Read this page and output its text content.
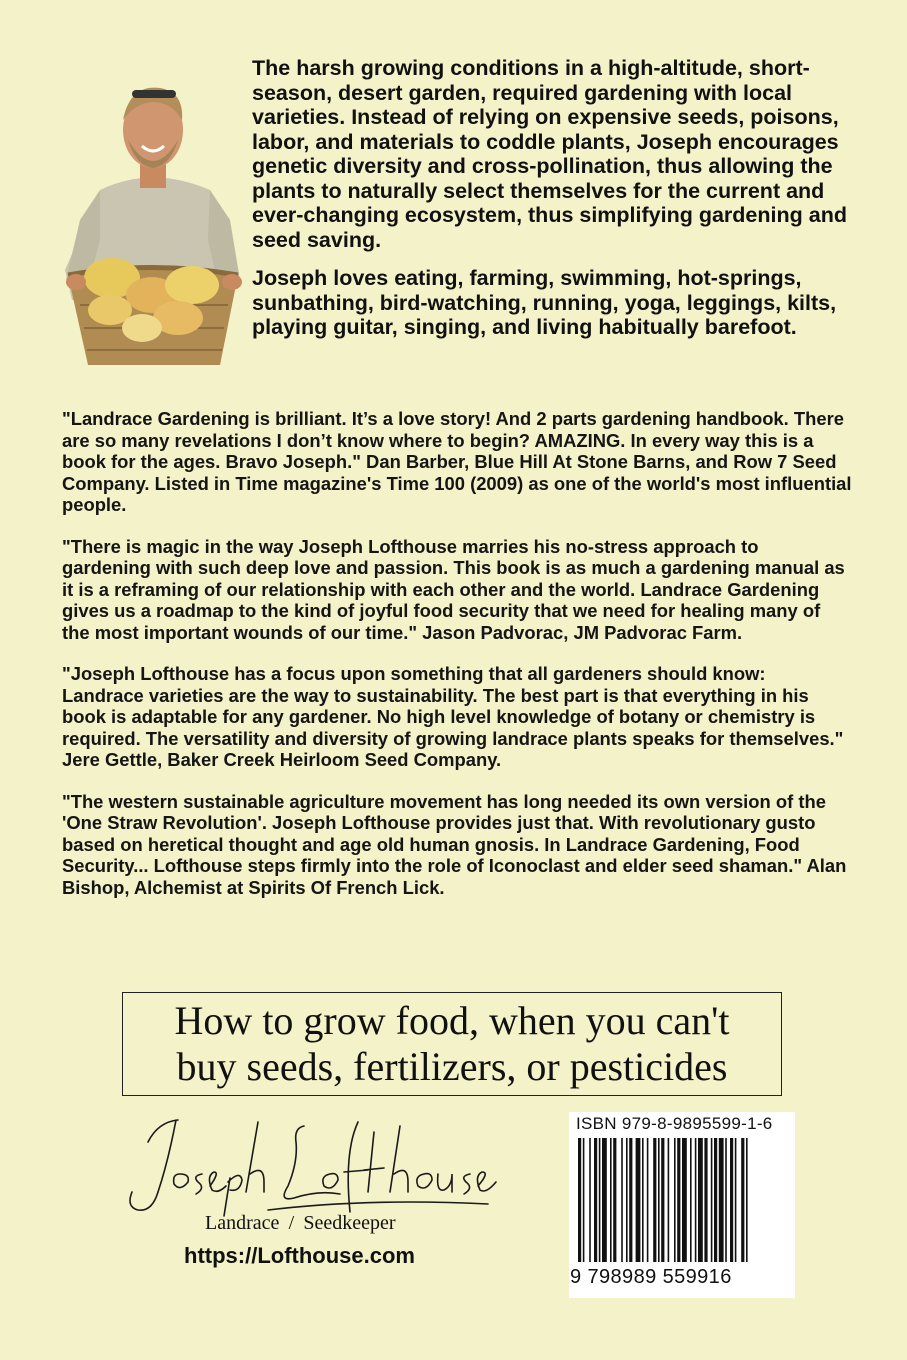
The harsh growing conditions in a high-altitude, short-season, desert garden, required gardening with local varieties. Instead of relying on expensive seeds, poisons, labor, and materials to coddle plants, Joseph encourages genetic diversity and cross-pollination, thus allowing the plants to naturally select themselves for the current and ever-changing ecosystem, thus simplifying gardening and seed saving.

Joseph loves eating, farming, swimming, hot-springs, sunbathing, bird-watching, running, yoga, leggings, kilts, playing guitar, singing, and living habitually barefoot.

"Landrace Gardening is brilliant. It’s a love story! And 2 parts gardening handbook. There are so many revelations I don’t know where to begin? AMAZING. In every way this is a book for the ages. Bravo Joseph." Dan Barber, Blue Hill At Stone Barns, and Row 7 Seed Company. Listed in Time magazine's Time 100 (2009) as one of the world's most influential people.

"There is magic in the way Joseph Lofthouse marries his no-stress approach to gardening with such deep love and passion. This book is as much a gardening manual as it is a reframing of our relationship with each other and the world. Landrace Gardening gives us a roadmap to the kind of joyful food security that we need for healing many of the most important wounds of our time." Jason Padvorac, JM Padvorac Farm.

"Joseph Lofthouse has a focus upon something that all gardeners should know: Landrace varieties are the way to sustainability. The best part is that everything in his book is adaptable for any gardener. No high level knowledge of botany or chemistry is required. The versatility and diversity of growing landrace plants speaks for themselves." Jere Gettle, Baker Creek Heirloom Seed Company.

"The western sustainable agriculture movement has long needed its own version of the 'One Straw Revolution'. Joseph Lofthouse provides just that. With revolutionary gusto based on heretical thought and age old human gnosis. In Landrace Gardening, Food Security... Lofthouse steps firmly into the role of Iconoclast and elder seed shaman." Alan Bishop, Alchemist at Spirits Of French Lick.

How to grow food, when you can't
buy seeds, fertilizers, or pesticides
Landrace / Seedkeeper
https://Lofthouse.com
ISBN 979-8-9895599-1-6
9 798989 559916
